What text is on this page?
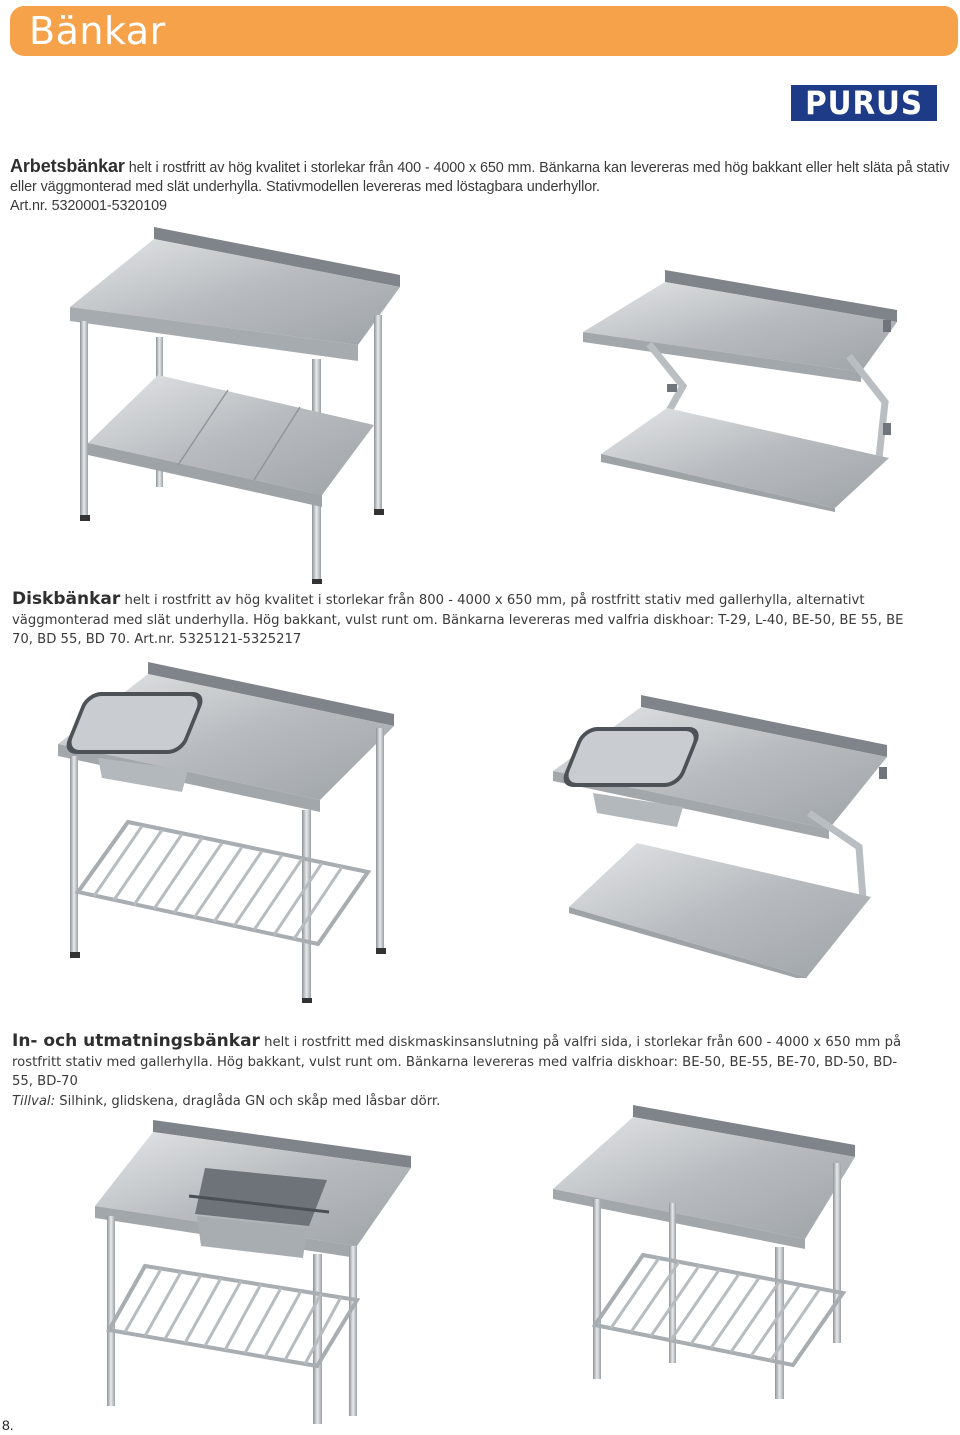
Bänkar
PURUS
Arbetsbänkar helt i rostfritt av hög kvalitet i storlekar från 400 - 4000 x 650 mm. Bänkarna kan levereras med hög bakkant eller helt släta på stativ eller väggmonterad med slät underhylla. Stativmodellen levereras med löstagbara underhyllor.
Art.nr. 5320001-5320109
Diskbänkar helt i rostfritt av hög kvalitet i storlekar från 800 - 4000 x 650 mm, på rostfritt stativ med gallerhylla, alternativt väggmonterad med slät underhylla. Hög bakkant, vulst runt om. Bänkarna levereras med valfria diskhoar: T-29, L-40, BE-50, BE 55, BE 70, BD 55, BD 70. Art.nr. 5325121-5325217
In- och utmatningsbänkar helt i rostfritt med diskmaskinsanslutning på valfri sida, i storlekar från 600 - 4000 x 650 mm på rostfritt stativ med gallerhylla. Hög bakkant, vulst runt om. Bänkarna levereras med valfria diskhoar: BE-50, BE-55, BE-70, BD-50, BD-55, BD-70
Tillval: Silhink, glidskena, draglåda GN och skåp med låsbar dörr.
8.
